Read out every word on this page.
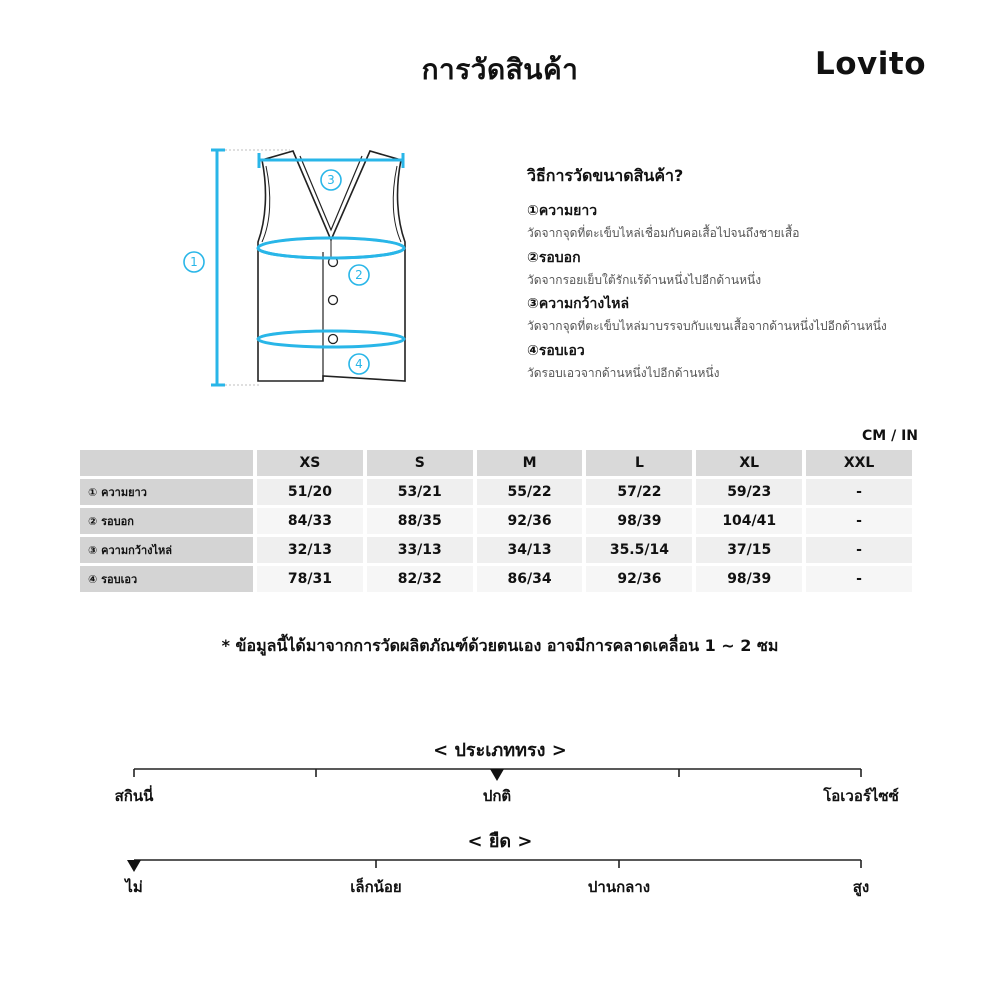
การวัดสินค้า	Lovito
1
3
2
4
วิธีการวัดขนาดสินค้า?
①ความยาว
วัดจากจุดที่ตะเข็บไหล่เชื่อมกับคอเสื้อไปจนถึงชายเสื้อ
②รอบอก
วัดจากรอยเย็บใต้รักแร้ด้านหนึ่งไปอีกด้านหนึ่ง
③ความกว้างไหล่
วัดจากจุดที่ตะเข็บไหล่มาบรรจบกับแขนเสื้อจากด้านหนึ่งไปอีกด้านหนึ่ง
④รอบเอว
วัดรอบเอวจากด้านหนึ่งไปอีกด้านหนึ่ง
CM / IN
	XS	S	M	L	XL	XXL
① ความยาว	51/20	53/21	55/22	57/22	59/23	-
② รอบอก	84/33	88/35	92/36	98/39	104/41	-
③ ความกว้างไหล่	32/13	33/13	34/13	35.5/14	37/15	-
④ รอบเอว	78/31	82/32	86/34	92/36	98/39	-
* ข้อมูลนี้ได้มาจากการวัดผลิตภัณฑ์ด้วยตนเอง อาจมีการคลาดเคลื่อน 1 ~ 2 ซม
< ประเภททรง >
สกินนี่	ปกติ	โอเวอร์ไซซ์
< ยืด >
ไม่	เล็กน้อย	ปานกลาง	สูง
